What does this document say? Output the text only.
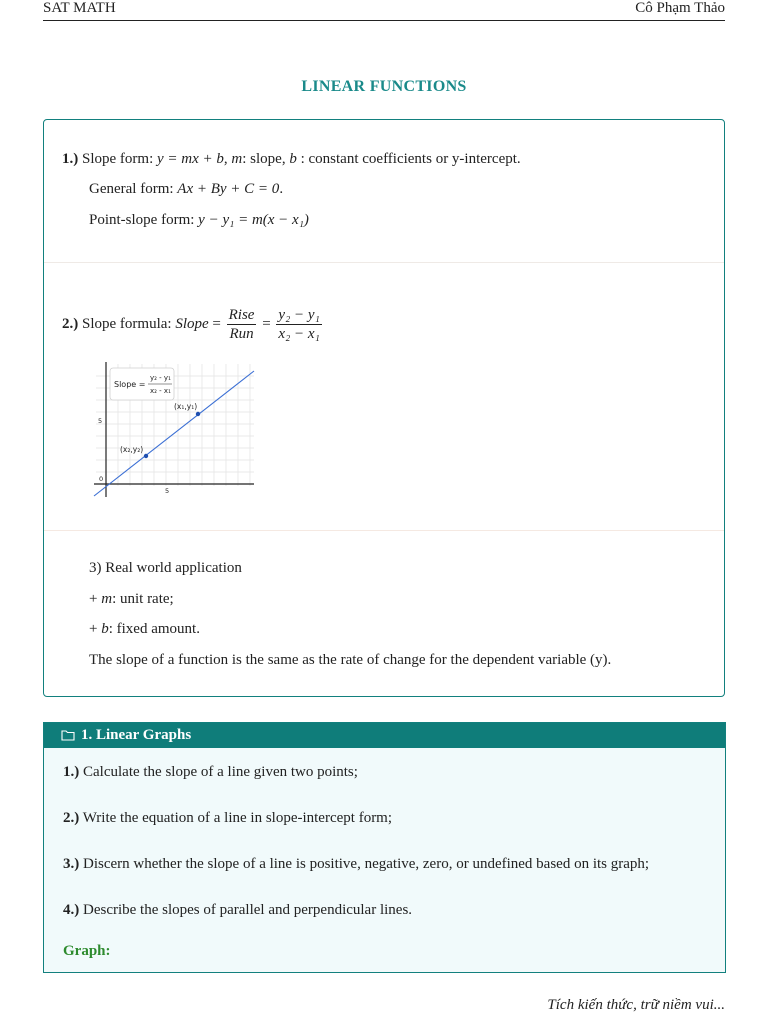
SAT MATH	Cô Phạm Thảo
LINEAR FUNCTIONS
1.) Slope form: y = mx + b, m: slope, b : constant coefficients or y-intercept.
General form: Ax + By + C = 0.
Point-slope form: y − y₁ = m(x − x₁)
2.) Slope formula: Slope = $\frac{\text{Rise}}{\text{Run}} = \frac{\text{y₂ − y₁}}{\text{x₂ − x₁}}$
(x₁,y₁)
(x₂,y₂)
5
5
0
Slope =
y₂ - y₁
x₂ - x₁
3) Real world application
+ m: unit rate;
+ b: fixed amount.
The slope of a function is the same as the rate of change for the dependent variable (y).
1. Linear Graphs
1.) Calculate the slope of a line given two points;
2.) Write the equation of a line in slope-intercept form;
3.) Discern whether the slope of a line is positive, negative, zero, or undefined based on its graph;
4.) Describe the slopes of parallel and perpendicular lines.
Graph:
Tích kiến thức, trữ niềm vui...
